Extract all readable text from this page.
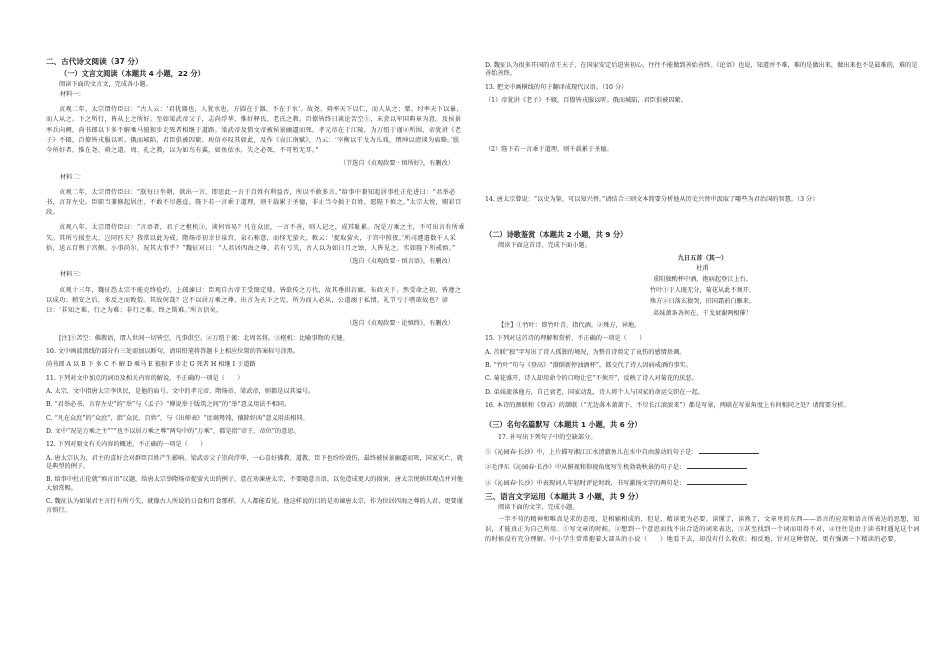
二、古代诗文阅读（37 分）
（一）文言文阅读（本题共 4 小题，22 分）

阅读下面的文言文，完成各小题。

材料一：

贞观二年，太宗谓侍臣曰：“古人云：‘君犹器也，人犹水也，方圆在于器，不在于水’。故尧、舜率天下以仁，而人从之；桀、纣率天下以暴，而人从之。下之所行，皆从上之所好。至如梁武帝父子，志尚浮华，惟好释氏、老氏之教。百僚皆终日谈论苦空①，未尝以军国典章为意。及侯景率兵向阙，尚书郎以下多不解乘马狼狈步走死者相继于道路。梁武帝及简文帝被侯景幽逼而死。孝元帝在于江陵，为万纽于谨②所围，帝犹讲《老子》不辍，百僚皆戎服以听。俄而城陷，君臣俱被囚絷。庾信亦叹其如此，及作《哀江南赋》，乃云：‘宰衡以干戈为儿戏，缙绅以清谈为庙略。’朕今所好者，惟在尧、舜之道，周、孔之教，以为如鸟有翼，如鱼依水，失之必死，不可暂无耳。”

（节选自《贞观政要 · 慎所好》，有删改）

材料二：

贞观二年，太宗谓侍臣曰：“朕每日坐朝，欲出一言，即思此一言于百姓有利益否，所以不敢多言。”给事中兼知起居事杜正伦进曰：“君举必书，言存左史。臣职当兼修起居注，不敢不尽愚直。陛下若一言乖于道理，则千载累于圣德，非止当今损于百姓，愿陛下慎之。”太宗大悦，赐彩百段。

贞观八年，太宗谓侍臣曰：“言语者，君子之枢机③，谈何容易？凡在众庶，一言不善，则人记之，成其耻累。况是万乘之主，不可出言有所乖失。其所亏损至大，岂同匹夫？我常以此为戒。隋炀帝初幸甘泉宫，泉石称意，而怪无萤火，敕云：‘捉取萤火，于宫中照夜。’所司遽遣数千人采拾，送五百舆于宫侧。小事尚尔，况其大事乎？”魏征对曰：“人君居四海之尊，若有亏失，古人以为如日月之蚀，人皆见之，实如陛下所戒慎。”

（选自《贞观政要 · 慎言语》，有删改）

材料三：

贞观十三年，魏征恐太宗不能克终俭约，上疏谏曰：臣观自古帝王受图定鼎，皆欲传之万代，故其垂拱岩廊，布政天下。然受命之初，皆遵之以成功；稍安之后，多反之而败俗。其故何哉？岂不以居万乘之尊，出言为天下之宪，所为而人必从，公道溺于私情，礼节亏于嗜欲故也？谚曰：‘非知之难，行之为难；非行之难，终之斯难。’所言信矣。

（选自《贞观政要 · 论慎终》，有删改）

[注]①苦空：佛教语，谓人世间一切皆空，凡事俱空。②万纽于谨：北周名将。③枢机：比喻事物的关键。

10. 文中画波浪线的部分有三处需加以断句，请用铅笔将答题卡上相应位置的答案标号涂黑。

尚书郎 A 以 B 下 多 C 不 解 D 乘马 E 狼狈 F 步走 G 死者 H 相继 I 于道路

11. 下列对文中加点的词语及相关内容的解说，不正确的一项是（　　）

A. 太宗，文中指唐太宗李世民，是他的庙号。文中的孝元帝、隋炀帝、梁武帝，则都是以其谥号。

B. “君举必书，言存左史”的“举”与《孟子》“傅说举于版筑之间”的“举”意义用法不相同。

C. “凡在众庶”的“众庶”，指“众民、百姓”，与《出师表》“庶竭驽钝，攘除奸凶”意义用法相同。

D. 文中“况是万乘之主”“”也不以居万乘之尊”两句中的“万乘”，都是指“帝王、帝位”的意思。

12. 下列对原文有关内容的概述，不正确的一项是（　　）

A. 唐太宗认为，君主的喜好会对群臣百姓产生影响。梁武帝父子崇尚浮华，一心喜好佛教、道教，臣下也纷纷效仿，最终被侯景幽逼而死，国家灭亡，就是典型的例子。

B. 给事中杜正伦就“慎言语”议题，给唐太宗举隋炀帝捉萤火虫的例子，意在劝谏唐太宗，不要随意言语，以免造成更大的损害，唐太宗悦纳其观点并对他大加赏赐。

C. 魏征认为如果君主言行有所亏失，就像古人所说的日食和月食那样，人人都能看见。他这样说的目的是劝谏唐太宗，作为位居四海之尊的人君，更要谨言慎行。

D. 魏征认为很多开国的帝王天子，在国家安定后迫害初心，往往不能做到善始善终。《论语》也说，知道并不难，难的是做出来，做出来也不是最难的，难的是善始善终。

13. 把文中画横线的句子翻译成现代汉语。（10 分）

（1）帝犹讲《老子》不辍，百僚皆戎服以听。俄而城陷，君臣俱被囚絷。

（2）陛下若一言乖于道理，则千载累于圣德。

14. 唐太宗曾说：“以史为鉴，可以知兴替。”请结合三则文本简要分析他从历史兴替中汲取了哪些为君治国的智慧。（3 分）

（二）诗歌鉴赏（本题共 2 小题，共 9 分）

阅读下面这首诗，完成下面小题。

九日五首（其一）
杜甫
重阳独酌杯中酒，抱病起登江上台。
竹叶①于人既无分，菊花从此不须开。
殊方②日落玄猿哭，旧国霜前白雁来。
弟妹萧条各何在，干戈衰谢两相催！

【注】①竹叶：即竹叶青，指代酒。②殊方，异地。

15. 下列对这首诗的理解和赏析，不正确的一项是（　　）

A. 首联“独”字写出了诗人孤独的境况，为整首诗奠定了哀伤的感情基调。

B. “竹叶”句与《登高》“潦倒新停浊酒杯”，都交代了诗人因病戒酒的事实。

C. 菊花盛开，诗人却用命令的口吻让它“不须开”，反映了诗人对菊花的厌恶。

D. 弟妹流落他方，自己衰老，国家动乱，诗人将个人与国家的命运交织在一起。

16. 本诗的颈联和《登高》的颔联（“无边落木萧萧下，不尽长江滚滚来”）都是写景，两联在写景角度上有何相同之处？请简要分析。

（三）名句名篇默写（本题共 1 小题，共 6 分）

17. 补写出下列句子中的空缺部分。

①《沁园春·长沙》中，上片描写湘江江水清澈鱼儿在水中自由游动的句子是：

②毛泽东《沁园春·长沙》中从俯视和仰视角度写生机勃勃秋景的句子是：

③《沁园春·长沙》中表现词人年轻时评论时政，书写激扬文字的两句是：

三、语言文字运用（本题共 3 小题，共 9 分）

阅读下面的文字，完成小题。

一字不苟的精神和唯真是求的态度，是相辅相成的，但是，精读更为必要。读懂了，读熟了，文章里的东西——语言的应用和语言所表达的思想，知识，才能真正为自己所用。①写文章的时候，②想到一个意思而找不出合适的词来表达，③甚至找到一个词而用得不对，④往往是由于读书时遇见这个词的时候没有充分理解。中小学生常常抱着大部头的小说（　　）地看下去，却没有什么收获；相反地，针对这种情况，更有强调一下精读的必要。
